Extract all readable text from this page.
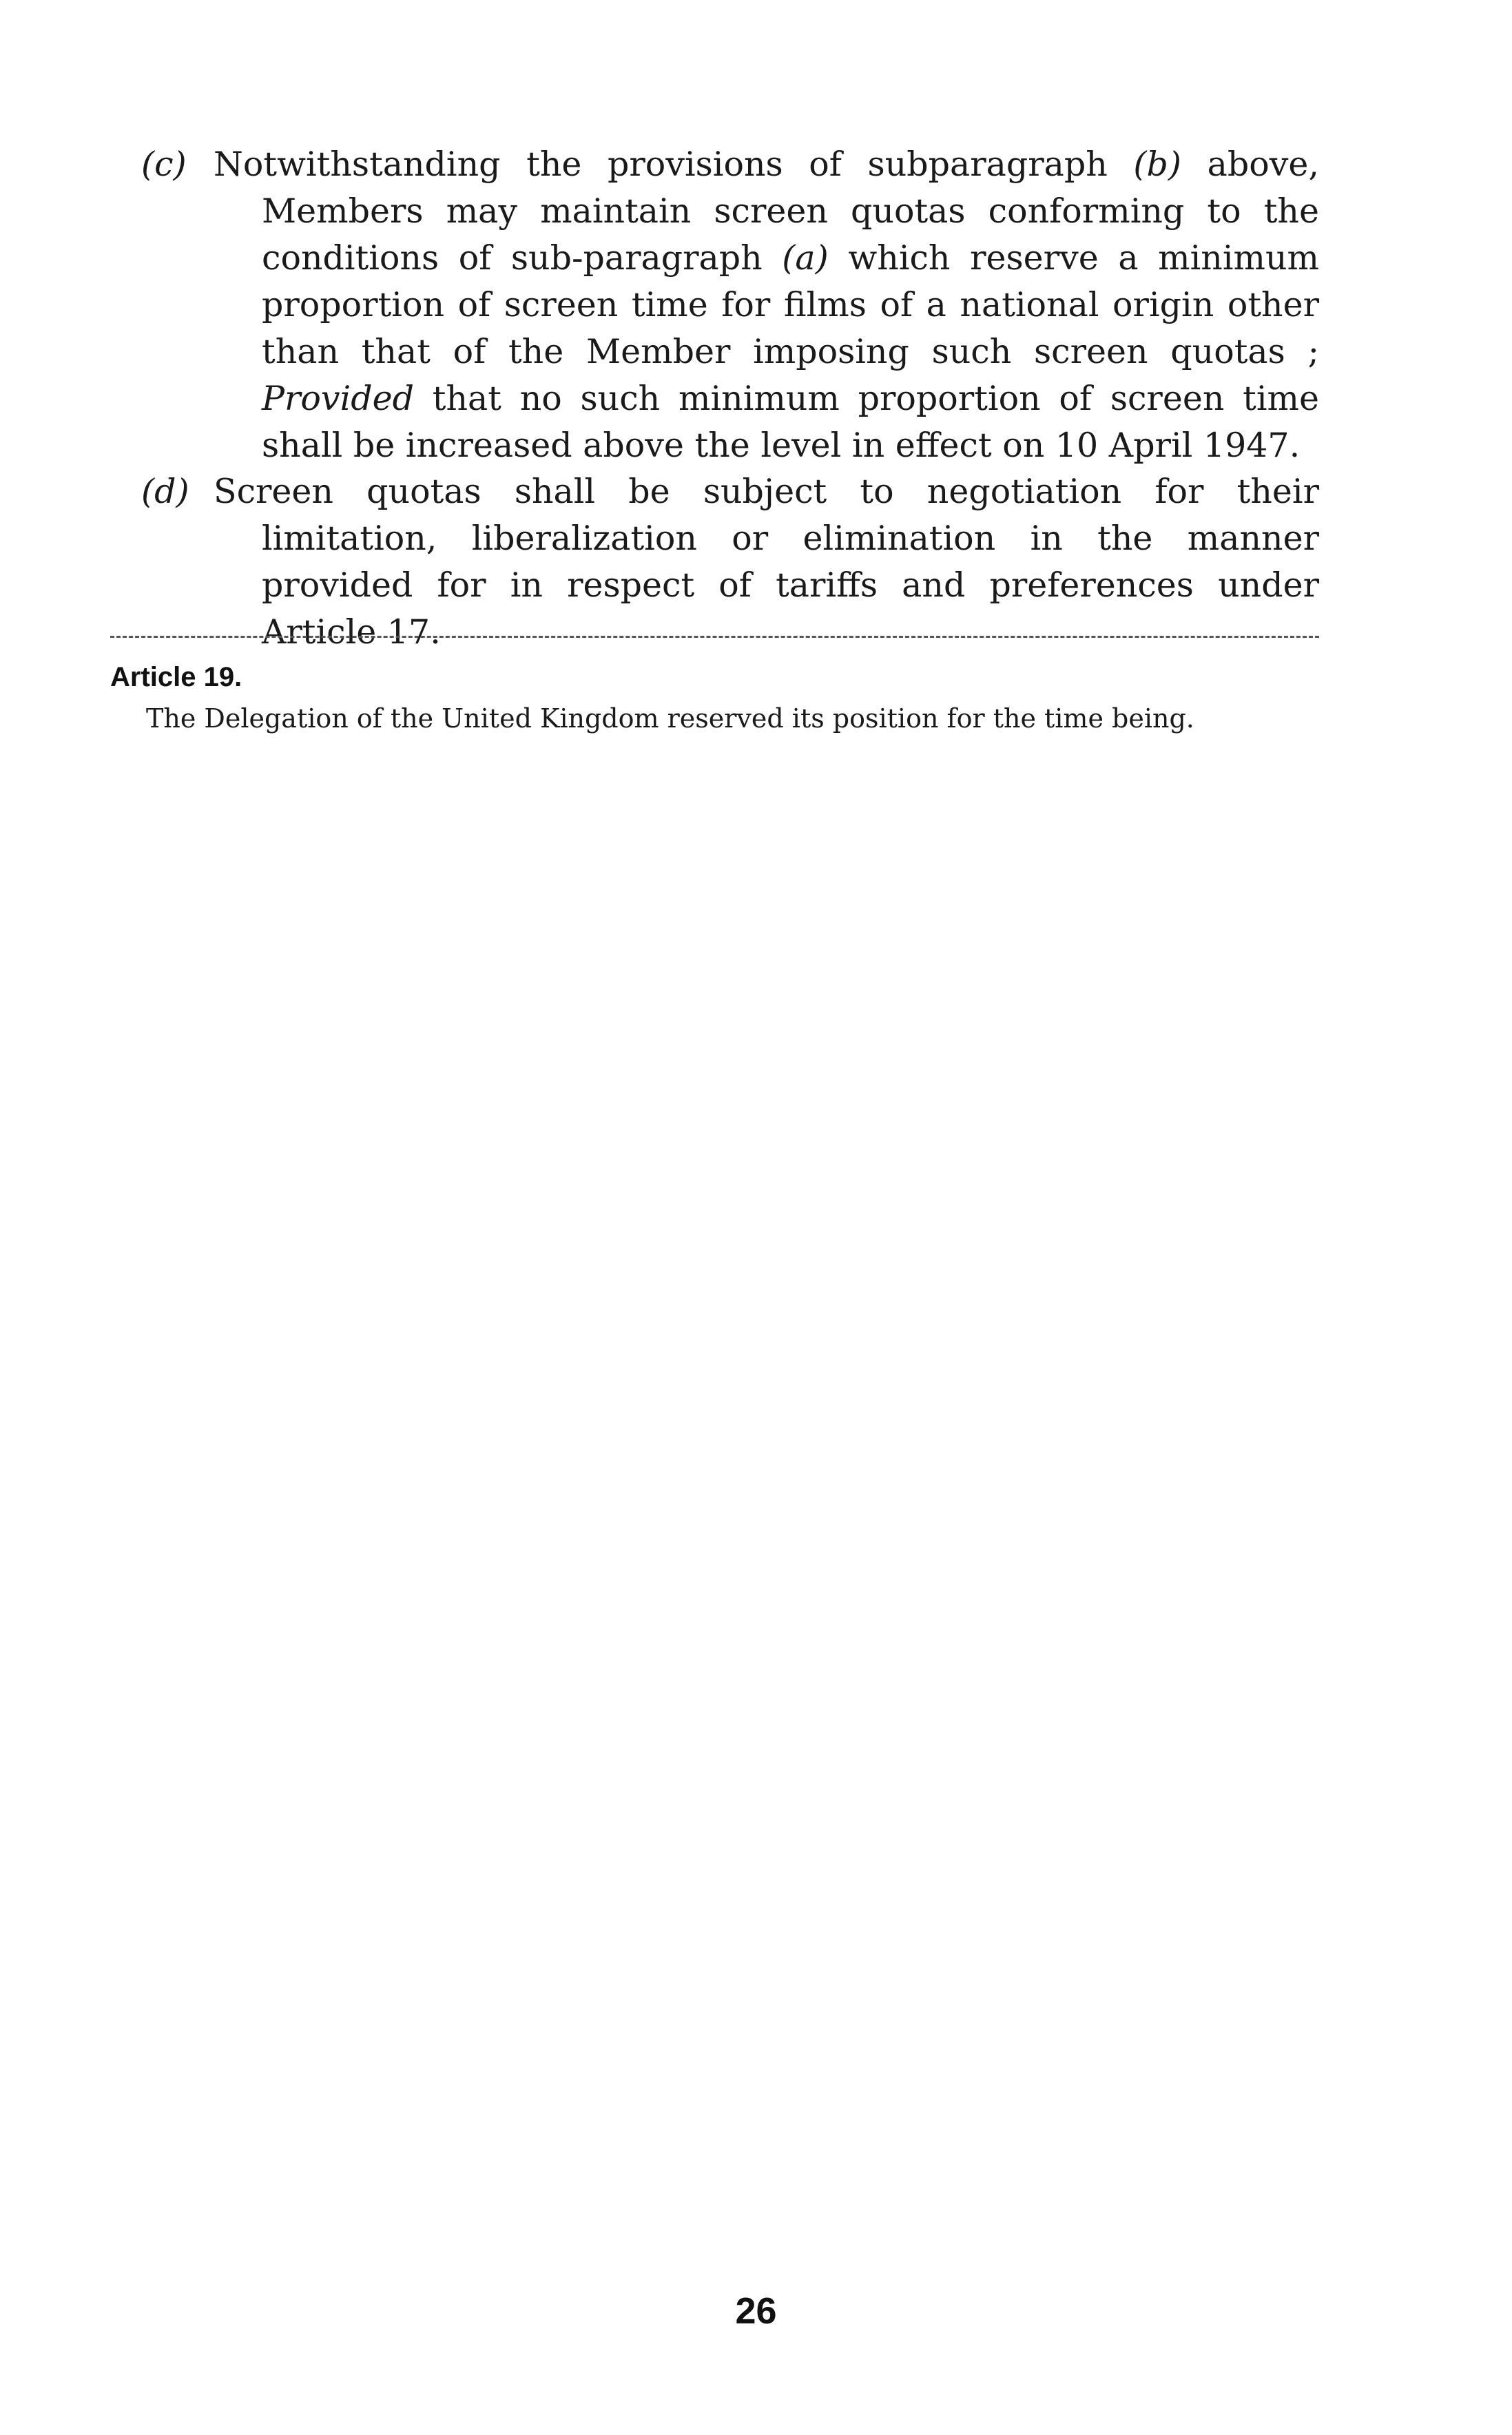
(c) Notwithstanding the provisions of subparagraph (b) above, Members may maintain screen quotas conforming to the conditions of sub-paragraph (a) which reserve a minimum proportion of screen time for films of a national origin other than that of the Member imposing such screen quotas ; Provided that no such minimum proportion of screen time shall be increased above the level in effect on 10 April 1947.
(d) Screen quotas shall be subject to negotiation for their limitation, liberalization or elimination in the manner provided for in respect of tariffs and preferences under Article 17.
Article 19.
The Delegation of the United Kingdom reserved its position for the time being.
26
